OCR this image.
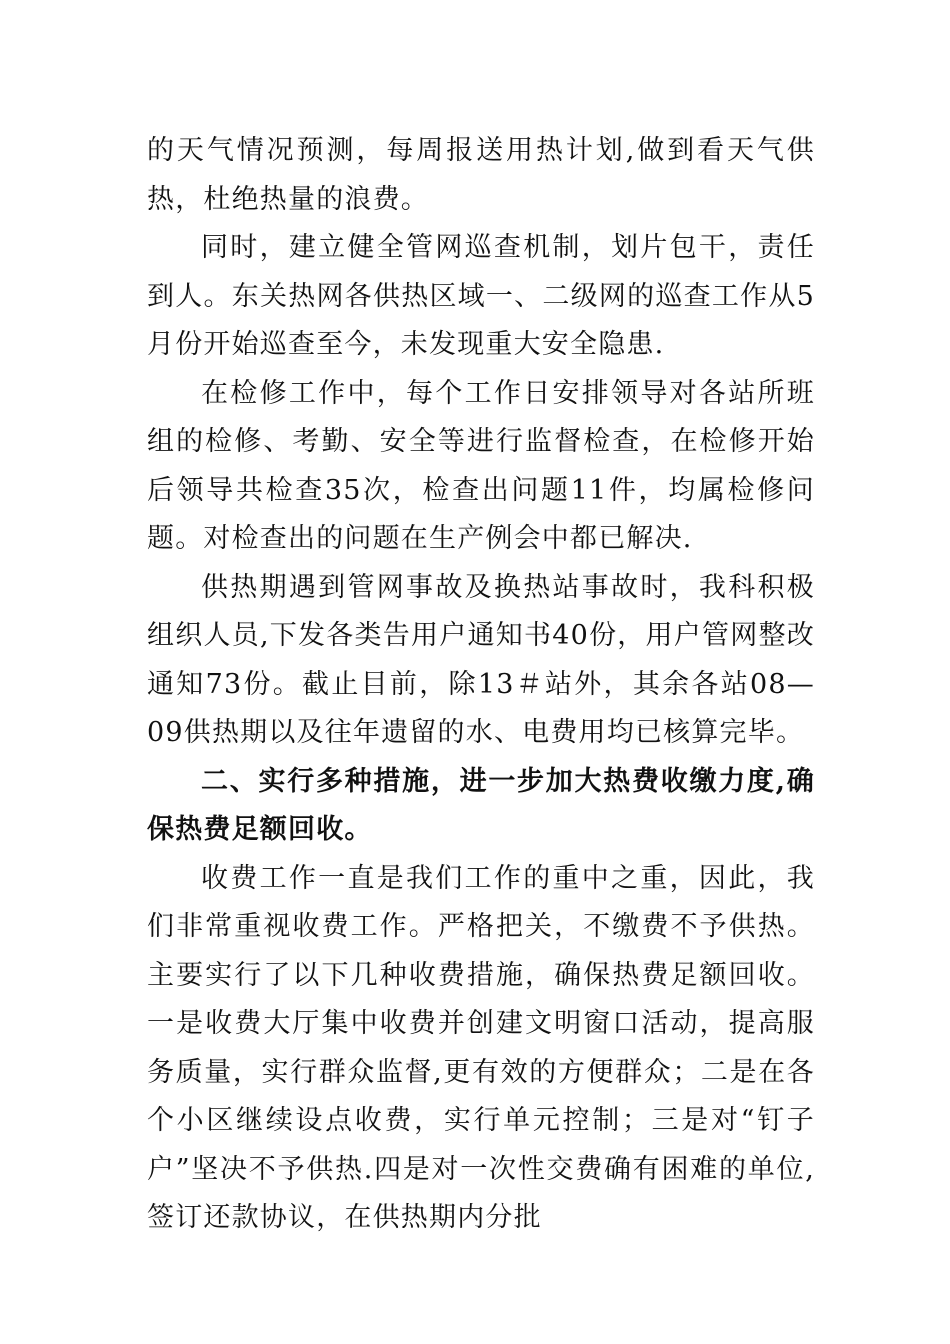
的天气情况预测，每周报送用热计划,做到看天气供热，杜绝热量的浪费。

同时，建立健全管网巡查机制，划片包干，责任到人。东关热网各供热区域一、二级网的巡查工作从5月份开始巡查至今，未发现重大安全隐患.

在检修工作中，每个工作日安排领导对各站所班组的检修、考勤、安全等进行监督检查，在检修开始后领导共检查35次，检查出问题11件，均属检修问题。对检查出的问题在生产例会中都已解决.

供热期遇到管网事故及换热站事故时，我科积极组织人员,下发各类告用户通知书40份，用户管网整改通知73份。截止目前，除13＃站外，其余各站08—09供热期以及往年遗留的水、电费用均已核算完毕。

二、实行多种措施，进一步加大热费收缴力度,确保热费足额回收。

收费工作一直是我们工作的重中之重，因此，我们非常重视收费工作。严格把关，不缴费不予供热。主要实行了以下几种收费措施，确保热费足额回收。一是收费大厅集中收费并创建文明窗口活动，提高服务质量，实行群众监督,更有效的方便群众；二是在各个小区继续设点收费，实行单元控制；三是对“钉子户”坚决不予供热.四是对一次性交费确有困难的单位,签订还款协议，在供热期内分批
